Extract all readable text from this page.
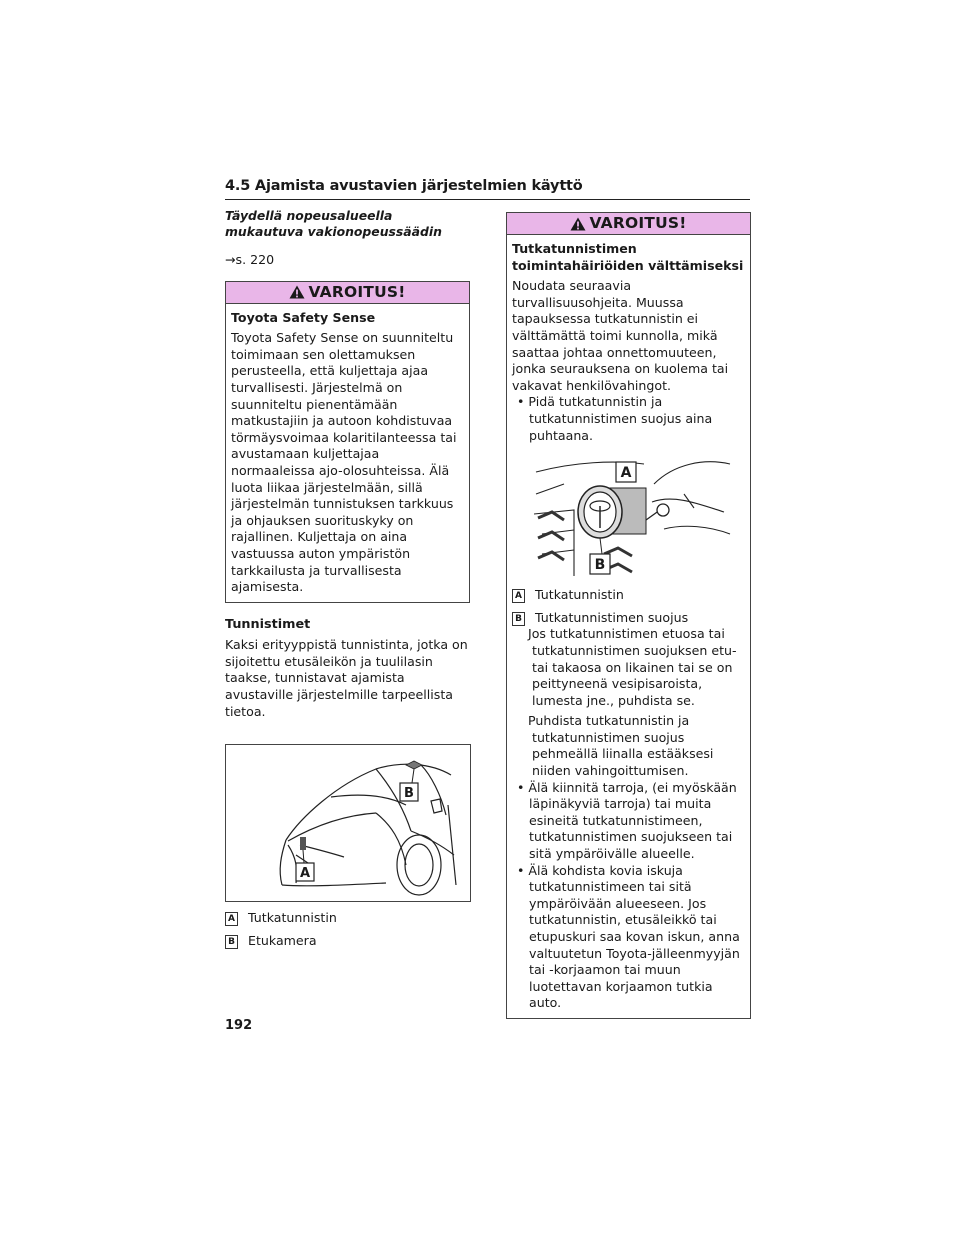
4.5 Ajamista avustavien järjestelmien käyttö
Täydellä nopeusalueella mukautuva vakionopeussäädin
→s. 220
VAROITUS!
Toyota Safety Sense

Toyota Safety Sense on suunniteltu toimimaan sen olettamuksen perusteella, että kuljettaja ajaa turvallisesti. Järjestelmä on suunniteltu pienentämään matkustajiin ja autoon kohdistuvaa törmäysvoimaa kolaritilanteessa tai avustamaan kuljettajaa normaaleissa ajo-olosuhteissa. Älä luota liikaa järjestelmään, sillä järjestelmän tunnistuksen tarkkuus ja ohjauksen suorituskyky on rajallinen. Kuljettaja on aina vastuussa auton ympäristön tarkkailusta ja turvallisesta ajamisesta.

Tunnistimet

Kaksi erityyppistä tunnistinta, jotka on sijoitettu etusäleikön ja tuulilasin taakse, tunnistavat ajamista avustaville järjestelmille tarpeellista tietoa.

B
A
A Tutkatunnistin
B Etukamera
VAROITUS!
Tutkatunnistimen toimintahäiriöiden välttämiseksi

Noudata seuraavia turvallisuusohjeita. Muussa tapauksessa tutkatunnistin ei välttämättä toimi kunnolla, mikä saattaa johtaa onnettomuuteen, jonka seurauksena on kuolema tai vakavat henkilövahingot.

• Pidä tutkatunnistin ja tutkatunnistimen suojus aina puhtaana.
A
B
A Tutkatunnistin
B Tutkatunnistimen suojus
Jos tutkatunnistimen etuosa tai tutkatunnistimen suojuksen etu- tai takaosa on likainen tai se on peittyneenä vesipisaroista, lumesta jne., puhdista se.
Puhdista tutkatunnistin ja tutkatunnistimen suojus pehmeällä liinalla estääksesi niiden vahingoittumisen.
• Älä kiinnitä tarroja, (ei myöskään läpinäkyviä tarroja) tai muita esineitä tutkatunnistimeen, tutkatunnistimen suojukseen tai sitä ympäröivälle alueelle.
• Älä kohdista kovia iskuja tutkatunnistimeen tai sitä ympäröivään alueeseen. Jos tutkatunnistin, etusäleikkö tai etupuskuri saa kovan iskun, anna valtuutetun Toyota-jälleenmyyjän tai -korjaamon tai muun luotettavan korjaamon tutkia auto.
192
